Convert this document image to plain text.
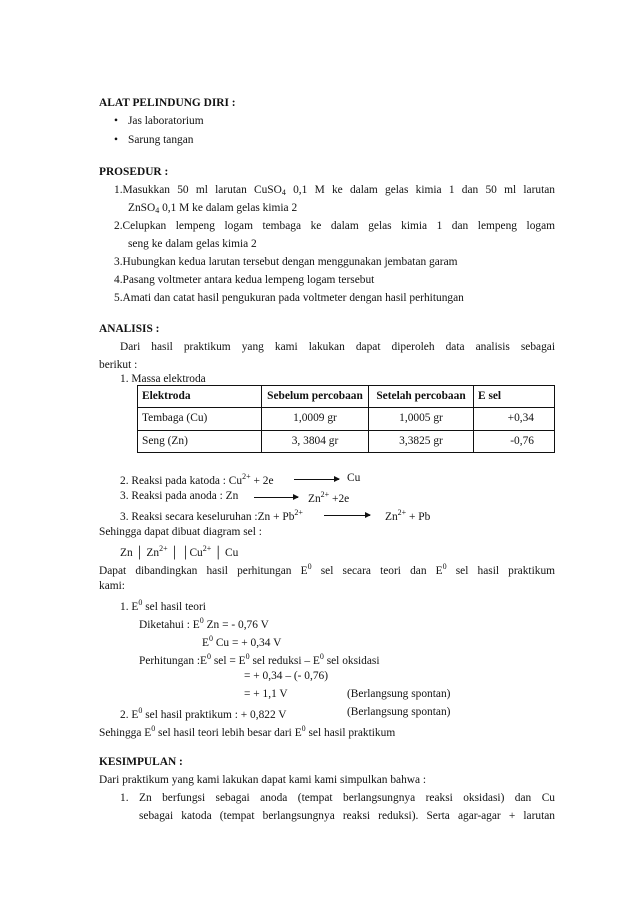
ALAT PELINDUNG DIRI :
• Jas laboratorium
• Sarung tangan
PROSEDUR :
1.Masukkan 50 ml larutan CuSO4 0,1 M ke dalam gelas kimia 1 dan 50 ml larutan
ZnSO4 0,1 M ke dalam gelas kimia 2
2.Celupkan lempeng logam tembaga ke dalam gelas kimia 1 dan lempeng logam
seng ke dalam gelas kimia 2
3.Hubungkan kedua larutan tersebut dengan menggunakan jembatan garam
4.Pasang voltmeter antara kedua lempeng logam tersebut
5.Amati dan catat hasil pengukuran pada voltmeter dengan hasil perhitungan
ANALISIS :
Dari hasil praktikum yang kami lakukan dapat diperoleh data analisis sebagai
berikut :
1. Massa elektroda
Elektroda	Sebelum percobaan	Setelah percobaan	E sel
Tembaga (Cu)	1,0009 gr	1,0005 gr	+0,34
Seng (Zn)	3, 3804 gr	3,3825 gr	-0,76
2. Reaksi pada katoda : $Cu^{2+} + 2e \to Cu$
3. Reaksi pada anoda : $Zn \to Zn^{2+} +2e$
3. Reaksi secara keseluruhan :Zn + $Pb^{2+}$	$Zn^{2+} + Pb$
Sehingga dapat dibuat diagram sel :
Zn │ $Zn^{2+}$ │ $│Cu^{2+}$ │ Cu
Dapat dibandingkan hasil perhitungan $E^0$ sel secara teori dan $E^0$ sel hasil praktikum
kami:
1. $E^0$ sel hasil teori
Diketahui : $E^0$ Zn = - 0,76 V
$E^0$ Cu = + 0,34 V
Perhitungan $:E^0$ sel = $E^0$ sel reduksi – $E^0$ sel oksidasi
= + 0,34 – (- 0,76)
= + 1,1 V	(Berlangsung spontan)
2. $E^0$ sel hasil praktikum : + 0,822 V	(Berlangsung spontan)
Sehingga $E^0$ sel hasil teori lebih besar dari $E^0$ sel hasil praktikum
KESIMPULAN :
Dari praktikum yang kami lakukan dapat kami kami simpulkan bahwa :
1. Zn berfungsi sebagai anoda (tempat berlangsungnya reaksi oksidasi) dan Cu
sebagai katoda (tempat berlangsungnya reaksi reduksi). Serta agar-agar + larutan
